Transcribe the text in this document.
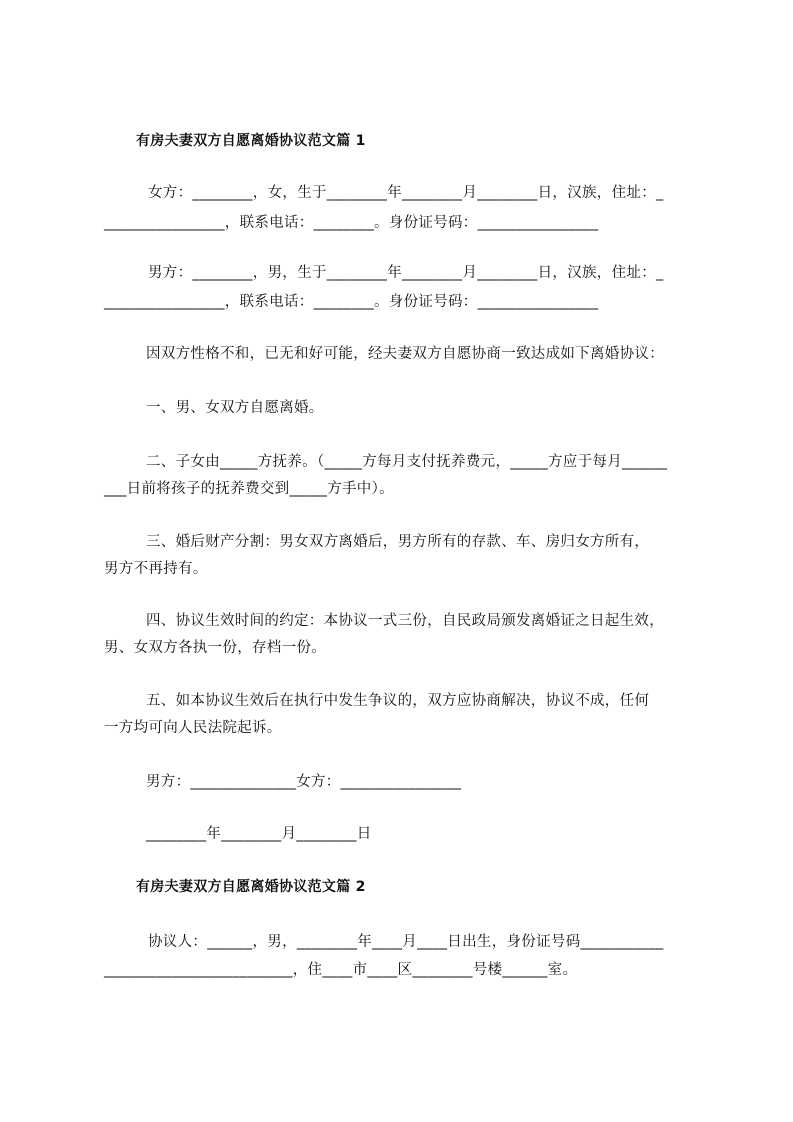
有房夫妻双方自愿离婚协议范文篇 1
女方：________，女，生于________年________月________日，汉族，住址：_
________________，联系电话：________。身份证号码：________________
男方：________，男，生于________年________月________日，汉族，住址：_
________________，联系电话：________。身份证号码：________________
因双方性格不和，已无和好可能，经夫妻双方自愿协商一致达成如下离婚协议：
一、男、女双方自愿离婚。
二、子女由_____方抚养。（_____方每月支付抚养费元，_____方应于每月______
___日前将孩子的抚养费交到_____方手中）。
三、婚后财产分割：男女双方离婚后，男方所有的存款、车、房归女方所有，
男方不再持有。
四、协议生效时间的约定：本协议一式三份，自民政局颁发离婚证之日起生效，
男、女双方各执一份，存档一份。
五、如本协议生效后在执行中发生争议的，双方应协商解决，协议不成，任何
一方均可向人民法院起诉。
男方：______________女方：________________
________年________月________日
有房夫妻双方自愿离婚协议范文篇 2
协议人：______，男，________年____月____日出生，身份证号码___________
_________________________，住____市____区________号楼______室。
